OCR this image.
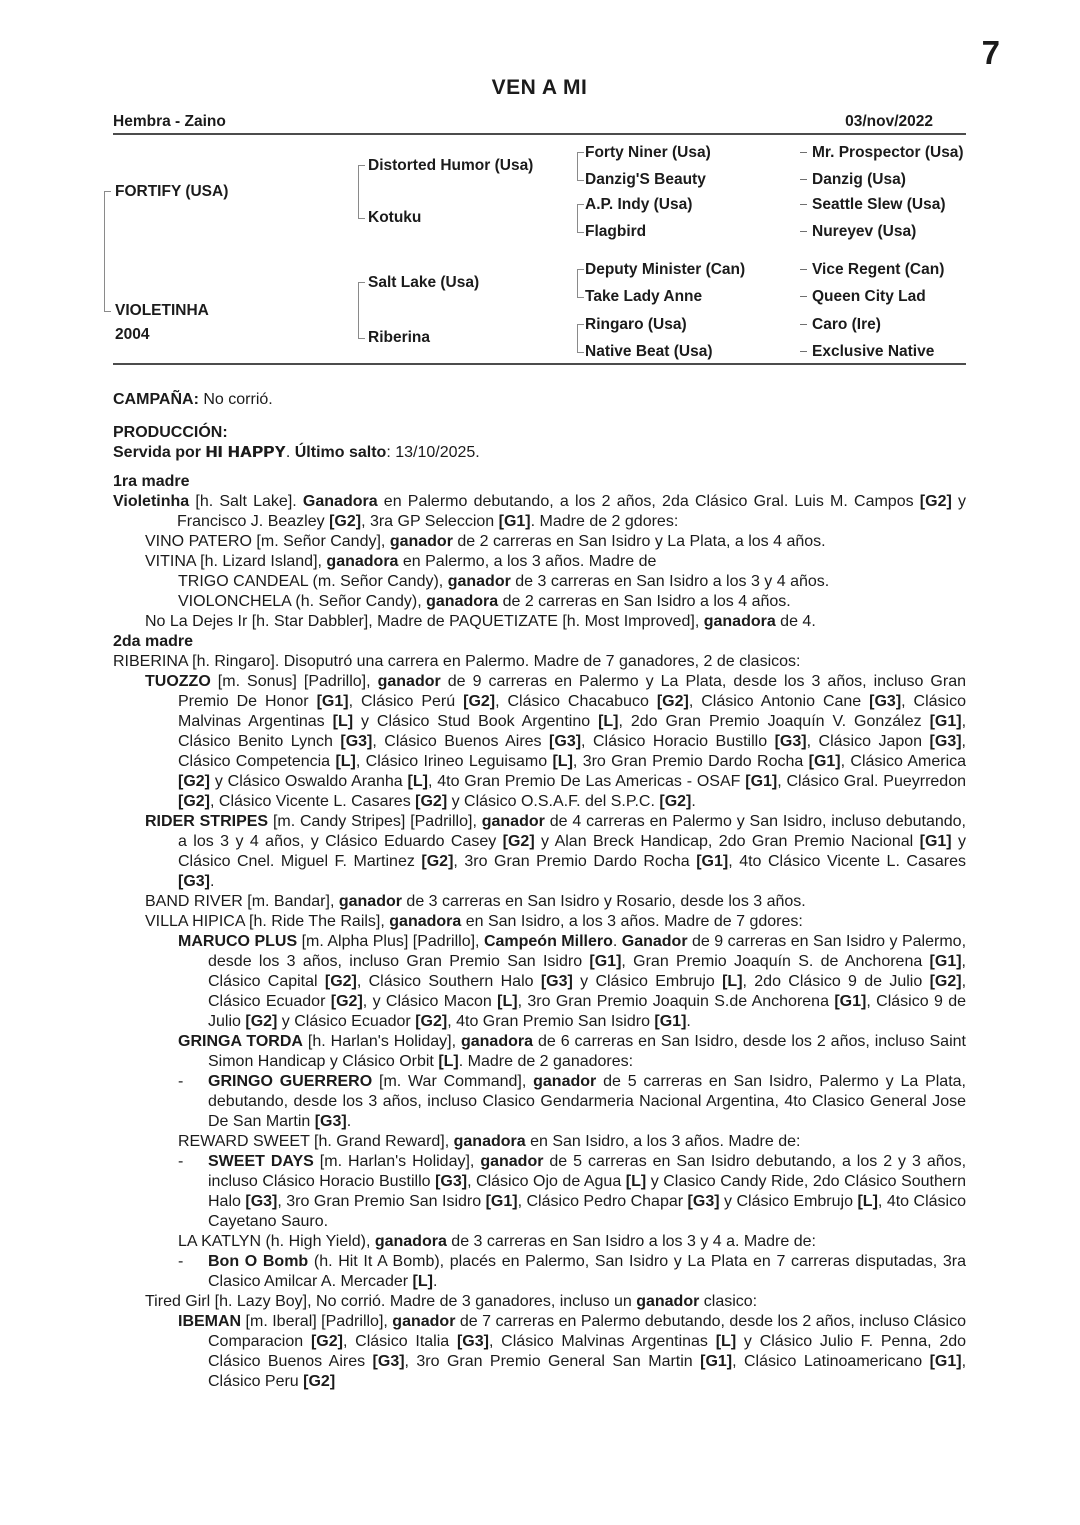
7
VEN A MI
Hembra - Zaino	03/nov/2022
FORTIFY (USA)
VIOLETINHA
2004
Distorted Humor (Usa)
Kotuku
Salt Lake (Usa)
Riberina
Forty Niner (Usa)
Danzig'S Beauty
A.P. Indy (Usa)
Flagbird
Deputy Minister (Can)
Take Lady Anne
Ringaro (Usa)
Native Beat (Usa)
Mr. Prospector (Usa)
Danzig (Usa)
Seattle Slew (Usa)
Nureyev (Usa)
Vice Regent (Can)
Queen City Lad
Caro (Ire)
Exclusive Native
CAMPAÑA: No corrió.
PRODUCCIÓN:
Servida por HI HAPPY. Último salto: 13/10/2025.
1ra madre
Violetinha [h. Salt Lake]. Ganadora en Palermo debutando, a los 2 años, 2da Clásico Gral. Luis M. Campos [G2] y Francisco J. Beazley [G2], 3ra GP Seleccion [G1]. Madre de 2 gdores:
VINO PATERO [m. Señor Candy], ganador de 2 carreras en San Isidro y La Plata, a los 4 años.
VITINA [h. Lizard Island], ganadora en Palermo, a los 3 años. Madre de
TRIGO CANDEAL (m. Señor Candy), ganador de 3 carreras en San Isidro a los 3 y 4 años.
VIOLONCHELA (h. Señor Candy), ganadora de 2 carreras en San Isidro a los 4 años.
No La Dejes Ir [h. Star Dabbler], Madre de PAQUETIZATE [h. Most Improved], ganadora de 4.
2da madre
RIBERINA [h. Ringaro]. Disoputró una carrera en Palermo. Madre de 7 ganadores, 2 de clasicos:
TUOZZO [m. Sonus] [Padrillo], ganador de 9 carreras en Palermo y La Plata, desde los 3 años, incluso Gran Premio De Honor [G1], Clásico Perú [G2], Clásico Chacabuco [G2], Clásico Antonio Cane [G3], Clásico Malvinas Argentinas [L] y Clásico Stud Book Argentino [L], 2do Gran Premio Joaquín V. González [G1], Clásico Benito Lynch [G3], Clásico Buenos Aires [G3], Clásico Horacio Bustillo [G3], Clásico Japon [G3], Clásico Competencia [L], Clásico Irineo Leguisamo [L], 3ro Gran Premio Dardo Rocha [G1], Clásico America [G2] y Clásico Oswaldo Aranha [L], 4to Gran Premio De Las Americas - OSAF [G1], Clásico Gral. Pueyrredon [G2], Clásico Vicente L. Casares [G2] y Clásico O.S.A.F. del S.P.C. [G2].
RIDER STRIPES [m. Candy Stripes] [Padrillo], ganador de 4 carreras en Palermo y San Isidro, incluso debutando, a los 3 y 4 años, y Clásico Eduardo Casey [G2] y Alan Breck Handicap, 2do Gran Premio Nacional [G1] y Clásico Cnel. Miguel F. Martinez [G2], 3ro Gran Premio Dardo Rocha [G1], 4to Clásico Vicente L. Casares [G3].
BAND RIVER [m. Bandar], ganador de 3 carreras en San Isidro y Rosario, desde los 3 años.
VILLA HIPICA [h. Ride The Rails], ganadora en San Isidro, a los 3 años. Madre de 7 gdores:
MARUCO PLUS [m. Alpha Plus] [Padrillo], Campeón Millero. Ganador de 9 carreras en San Isidro y Palermo, desde los 3 años, incluso Gran Premio San Isidro [G1], Gran Premio Joaquín S. de Anchorena [G1], Clásico Capital [G2], Clásico Southern Halo [G3] y Clásico Embrujo [L], 2do Clásico 9 de Julio [G2], Clásico Ecuador [G2], y Clásico Macon [L], 3ro Gran Premio Joaquin S.de Anchorena [G1], Clásico 9 de Julio [G2] y Clásico Ecuador [G2], 4to Gran Premio San Isidro [G1].
GRINGA TORDA [h. Harlan's Holiday], ganadora de 6 carreras en San Isidro, desde los 2 años, incluso Saint Simon Handicap y Clásico Orbit [L]. Madre de 2 ganadores:
- GRINGO GUERRERO [m. War Command], ganador de 5 carreras en San Isidro, Palermo y La Plata, debutando, desde los 3 años, incluso Clasico Gendarmeria Nacional Argentina, 4to Clasico General Jose De San Martin [G3].
REWARD SWEET [h. Grand Reward], ganadora en San Isidro, a los 3 años. Madre de:
- SWEET DAYS [m. Harlan's Holiday], ganador de 5 carreras en San Isidro debutando, a los 2 y 3 años, incluso Clásico Horacio Bustillo [G3], Clásico Ojo de Agua [L] y Clasico Candy Ride, 2do Clásico Southern Halo [G3], 3ro Gran Premio San Isidro [G1], Clásico Pedro Chapar [G3] y Clásico Embrujo [L], 4to Clásico Cayetano Sauro.
LA KATLYN (h. High Yield), ganadora de 3 carreras en San Isidro a los 3 y 4 a. Madre de:
- Bon O Bomb (h. Hit It A Bomb), placés en Palermo, San Isidro y La Plata en 7 carreras disputadas, 3ra Clasico Amilcar A. Mercader [L].
Tired Girl [h. Lazy Boy], No corrió. Madre de 3 ganadores, incluso un ganador clasico:
IBEMAN [m. Iberal] [Padrillo], ganador de 7 carreras en Palermo debutando, desde los 2 años, incluso Clásico Comparacion [G2], Clásico Italia [G3], Clásico Malvinas Argentinas [L] y Clásico Julio F. Penna, 2do Clásico Buenos Aires [G3], 3ro Gran Premio General San Martin [G1], Clásico Latinoamericano [G1], Clásico Peru [G2]
